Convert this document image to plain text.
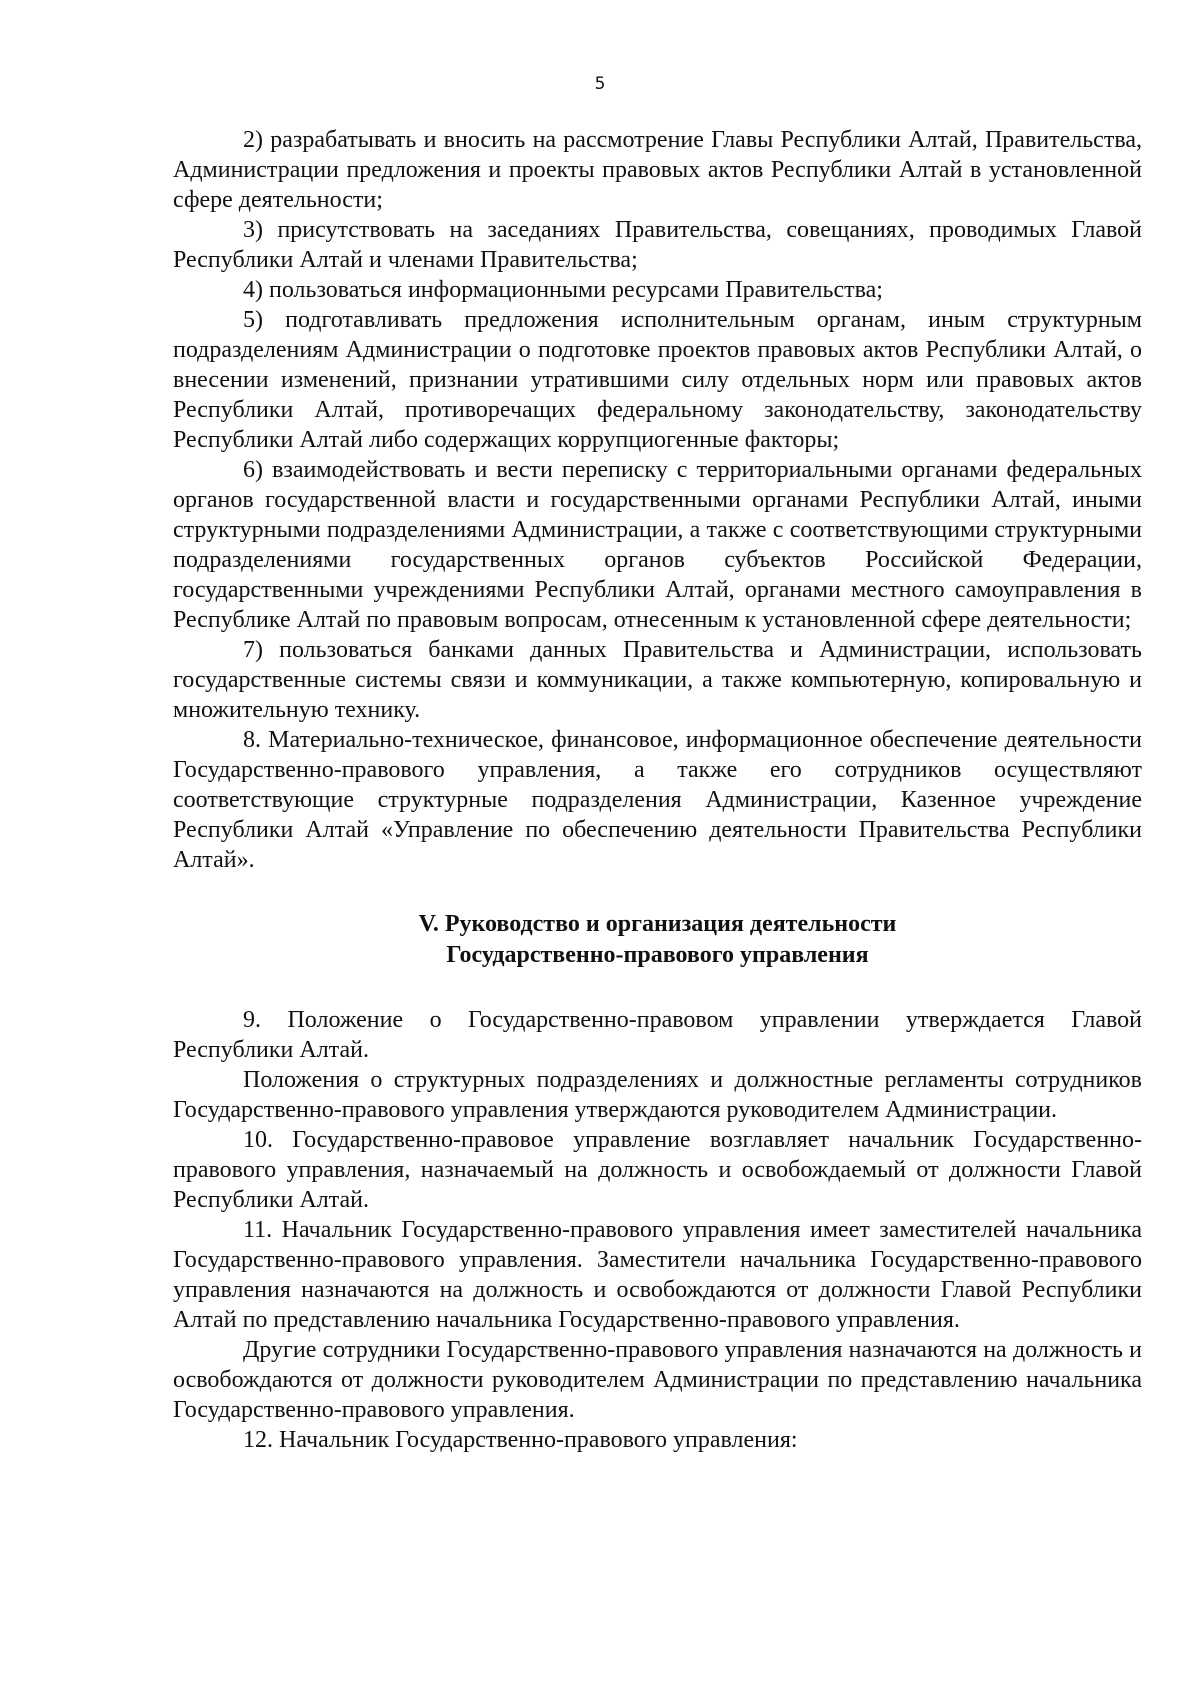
5

2) разрабатывать и вносить на рассмотрение Главы Республики Алтай, Правительства, Администрации предложения и проекты правовых актов Республики Алтай в установленной сфере деятельности;

3) присутствовать на заседаниях Правительства, совещаниях, проводимых Главой Республики Алтай и членами Правительства;

4) пользоваться информационными ресурсами Правительства;

5) подготавливать предложения исполнительным органам, иным структурным подразделениям Администрации о подготовке проектов правовых актов Республики Алтай, о внесении изменений, признании утратившими силу отдельных норм или правовых актов Республики Алтай, противоречащих федеральному законодательству, законодательству Республики Алтай либо содержащих коррупциогенные факторы;

6) взаимодействовать и вести переписку с территориальными органами федеральных органов государственной власти и государственными органами Республики Алтай, иными структурными подразделениями Администрации, а также с соответствующими структурными подразделениями государственных органов субъектов Российской Федерации, государственными учреждениями Республики Алтай, органами местного самоуправления в Республике Алтай по правовым вопросам, отнесенным к установленной сфере деятельности;

7) пользоваться банками данных Правительства и Администрации, использовать государственные системы связи и коммуникации, а также компьютерную, копировальную и множительную технику.

8. Материально-техническое, финансовое, информационное обеспечение деятельности Государственно-правового управления, а также его сотрудников осуществляют соответствующие структурные подразделения Администрации, Казенное учреждение Республики Алтай «Управление по обеспечению деятельности Правительства Республики Алтай».

V. Руководство и организация деятельности
Государственно-правового управления

9. Положение о Государственно-правовом управлении утверждается Главой Республики Алтай.

Положения о структурных подразделениях и должностные регламенты сотрудников Государственно-правового управления утверждаются руководителем Администрации.

10. Государственно-правовое управление возглавляет начальник Государственно-правового управления, назначаемый на должность и освобождаемый от должности Главой Республики Алтай.

11. Начальник Государственно-правового управления имеет заместителей начальника Государственно-правового управления. Заместители начальника Государственно-правового управления назначаются на должность и освобождаются от должности Главой Республики Алтай по представлению начальника Государственно-правового управления.

Другие сотрудники Государственно-правового управления назначаются на должность и освобождаются от должности руководителем Администрации по представлению начальника Государственно-правового управления.

12. Начальник Государственно-правового управления:
